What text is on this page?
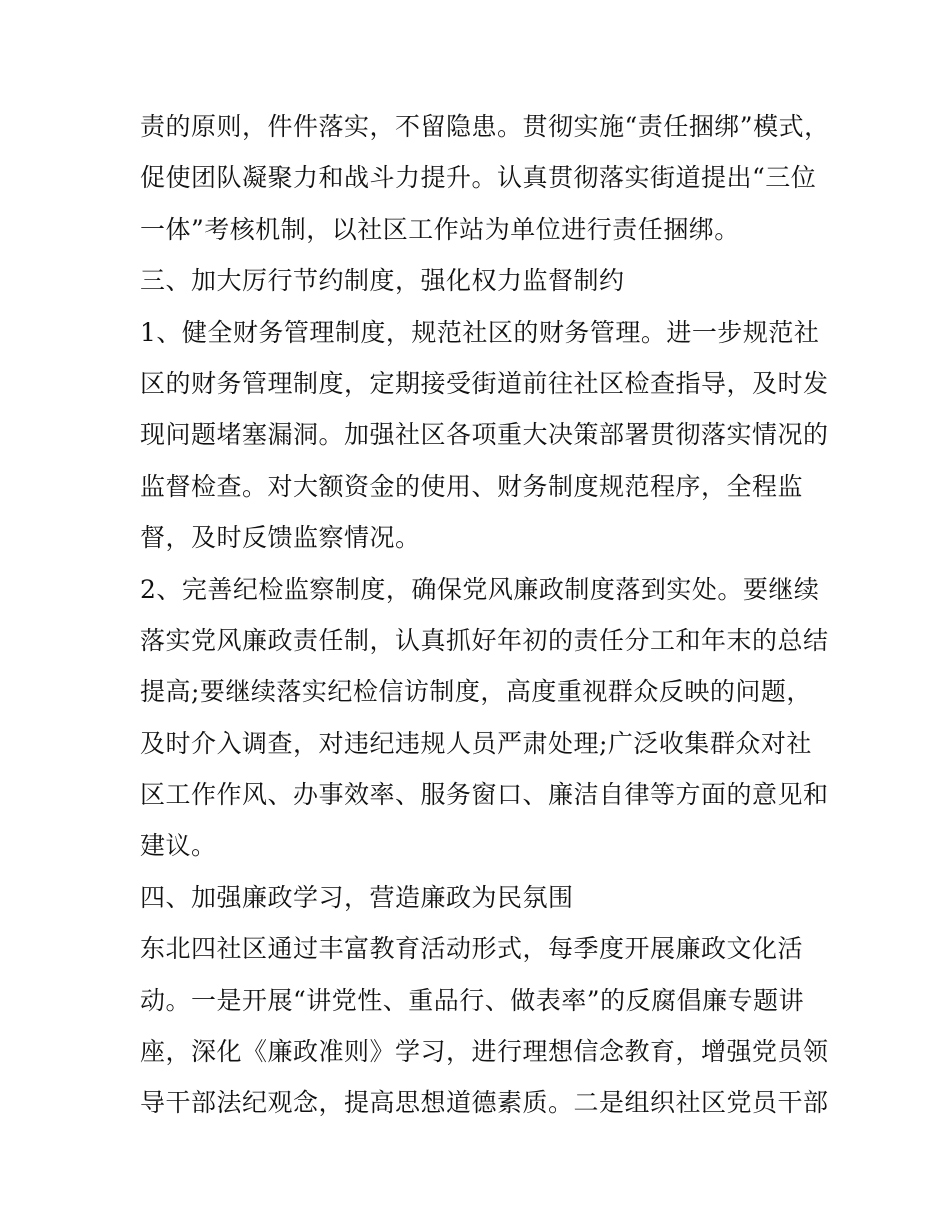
责的原则，件件落实，不留隐患。贯彻实施“责任捆绑”模式，
促使团队凝聚力和战斗力提升。认真贯彻落实街道提出“三位
一体”考核机制，以社区工作站为单位进行责任捆绑。
三、加大厉行节约制度，强化权力监督制约
1、健全财务管理制度，规范社区的财务管理。进一步规范社
区的财务管理制度，定期接受街道前往社区检查指导，及时发
现问题堵塞漏洞。加强社区各项重大决策部署贯彻落实情况的
监督检查。对大额资金的使用、财务制度规范程序，全程监
督，及时反馈监察情况。
2、完善纪检监察制度，确保党风廉政制度落到实处。要继续
落实党风廉政责任制，认真抓好年初的责任分工和年末的总结
提高;要继续落实纪检信访制度，高度重视群众反映的问题，
及时介入调查，对违纪违规人员严肃处理;广泛收集群众对社
区工作作风、办事效率、服务窗口、廉洁自律等方面的意见和
建议。
四、加强廉政学习，营造廉政为民氛围
东北四社区通过丰富教育活动形式，每季度开展廉政文化活
动。一是开展“讲党性、重品行、做表率”的反腐倡廉专题讲
座，深化《廉政准则》学习，进行理想信念教育，增强党员领
导干部法纪观念，提高思想道德素质。二是组织社区党员干部
